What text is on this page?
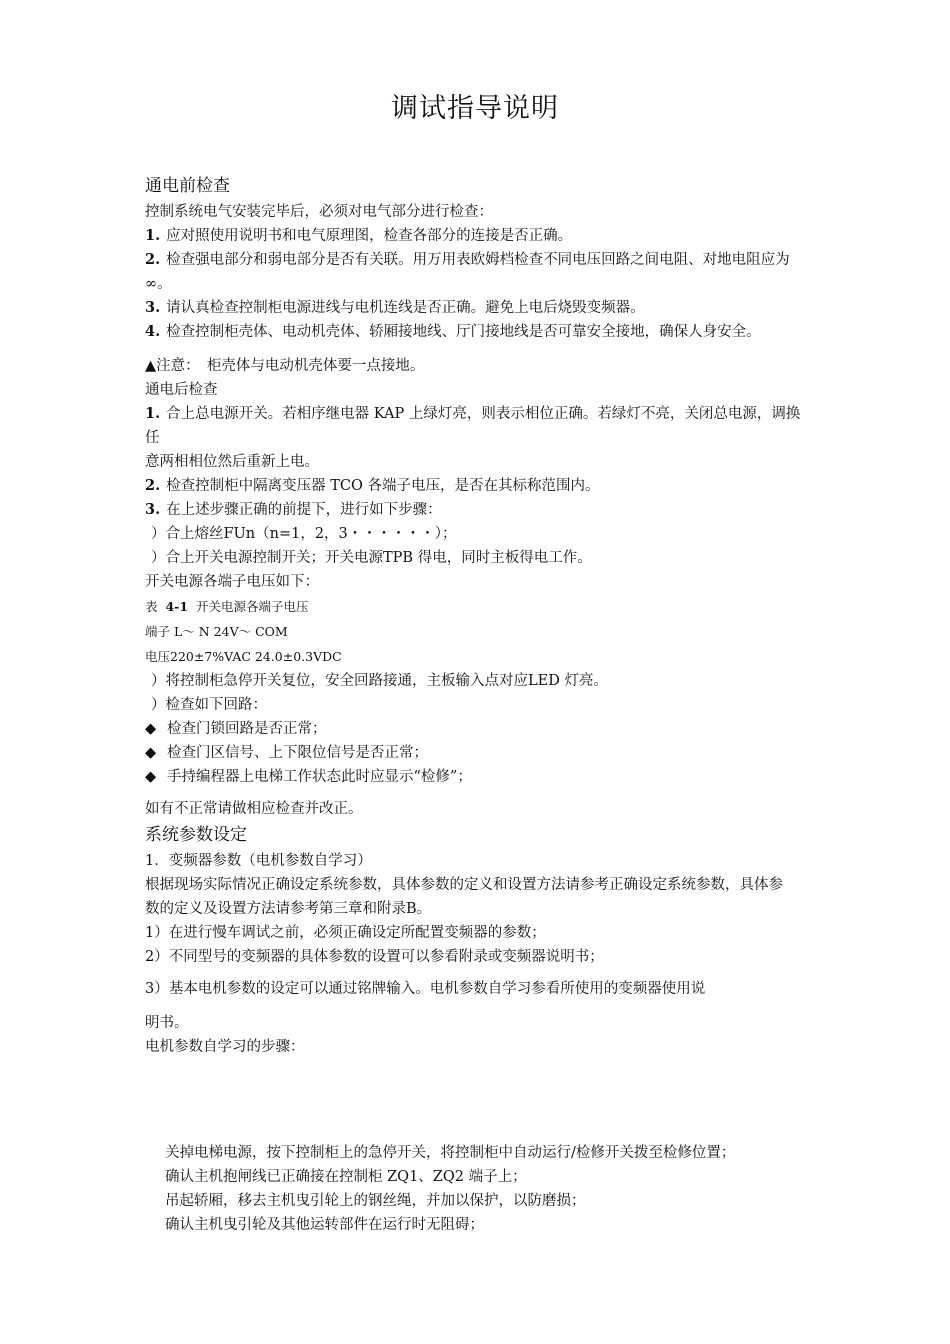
调试指导说明

通电前检查

控制系统电气安装完毕后，必须对电气部分进行检查：

1. 应对照使用说明书和电气原理图，检查各部分的连接是否正确。

2. 检查强电部分和弱电部分是否有关联。用万用表欧姆档检查不同电压回路之间电阻、对地电阻应为∞。

3. 请认真检查控制柜电源进线与电机连线是否正确。避免上电后烧毁变频器。

4. 检查控制柜壳体、电动机壳体、轿厢接地线、厅门接地线是否可靠安全接地，确保人身安全。

▲注意：　柜壳体与电动机壳体要一点接地。

通电后检查

1. 合上总电源开关。若相序继电器 KAP 上绿灯亮，则表示相位正确。若绿灯不亮，关闭总电源，调换任

意两相相位然后重新上电。

2. 检查控制柜中隔离变压器 TCO 各端子电压，是否在其标称范围内。

3. 在上述步骤正确的前提下，进行如下步骤：

）合上熔丝FUn（n=1，2，3・・・・・・）；

）合上开关电源控制开关；开关电源TPB 得电，同时主板得电工作。

开关电源各端子电压如下：

表 4-1 开关电源各端子电压

端子 L～ N 24V～ COM

电压220±7%VAC 24.0±0.3VDC

）将控制柜急停开关复位，安全回路接通，主板输入点对应LED 灯亮。

）检查如下回路：

◆ 检查门锁回路是否正常；

◆ 检查门区信号、上下限位信号是否正常；

◆ 手持编程器上电梯工作状态此时应显示“检修”；

如有不正常请做相应检查并改正。

系统参数设定

1．变频器参数（电机参数自学习）

根据现场实际情况正确设定系统参数，具体参数的定义和设置方法请参考正确设定系统参数，具体参

数的定义及设置方法请参考第三章和附录B。

1）在进行慢车调试之前，必须正确设定所配置变频器的参数；

2）不同型号的变频器的具体参数的设置可以参看附录或变频器说明书；

3）基本电机参数的设定可以通过铭牌输入。电机参数自学习参看所使用的变频器使用说

明书。

电机参数自学习的步骤：

关掉电梯电源，按下控制柜上的急停开关，将控制柜中自动运行/检修开关拨至检修位置；

确认主机抱闸线已正确接在控制柜 ZQ1、ZQ2 端子上；

吊起轿厢，移去主机曳引轮上的钢丝绳，并加以保护，以防磨损；

确认主机曳引轮及其他运转部件在运行时无阻碍；
